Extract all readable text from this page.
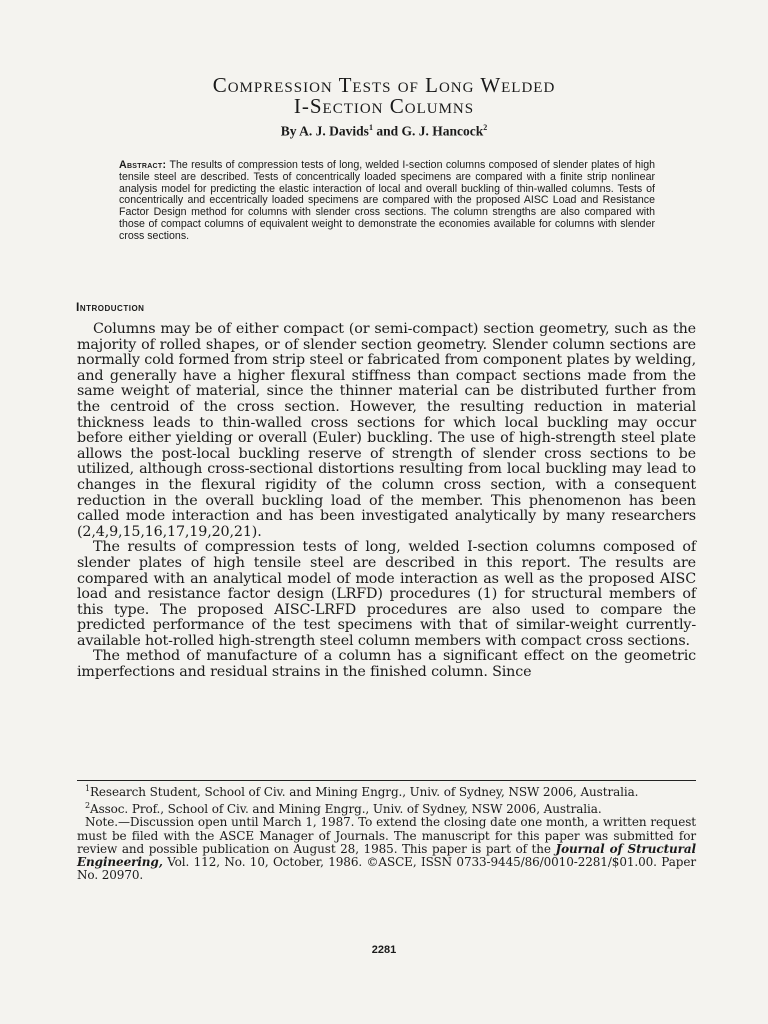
Compression Tests of Long Welded
I-Section Columns
By A. J. Davids$^1$ and G. J. Hancock$^2$
Abstract: The results of compression tests of long, welded I-section columns composed of slender plates of high tensile steel are described. Tests of concentrically loaded specimens are compared with a finite strip nonlinear analysis model for predicting the elastic interaction of local and overall buckling of thin-walled columns. Tests of concentrically and eccentrically loaded specimens are compared with the proposed AISC Load and Resistance Factor Design method for columns with slender cross sections. The column strengths are also compared with those of compact columns of equivalent weight to demonstrate the economies available for columns with slender cross sections.
Introduction

Columns may be of either compact (or semi-compact) section geometry, such as the majority of rolled shapes, or of slender section geometry. Slender column sections are normally cold formed from strip steel or fabricated from component plates by welding, and generally have a higher flexural stiffness than compact sections made from the same weight of material, since the thinner material can be distributed further from the centroid of the cross section. However, the resulting reduction in material thickness leads to thin-walled cross sections for which local buckling may occur before either yielding or overall (Euler) buckling. The use of high-strength steel plate allows the post-local buckling reserve of strength of slender cross sections to be utilized, although cross-sectional distortions resulting from local buckling may lead to changes in the flexural rigidity of the column cross section, with a consequent reduction in the overall buckling load of the member. This phenomenon has been called mode interaction and has been investigated analytically by many researchers (2,4,9,15,16,17,19,20,21).

The results of compression tests of long, welded I-section columns composed of slender plates of high tensile steel are described in this report. The results are compared with an analytical model of mode interaction as well as the proposed AISC load and resistance factor design (LRFD) procedures (1) for structural members of this type. The proposed AISC-LRFD procedures are also used to compare the predicted performance of the test specimens with that of similar-weight currently-available hot-rolled high-strength steel column members with compact cross sections.

The method of manufacture of a column has a significant effect on the geometric imperfections and residual strains in the finished column. Since

$^1$Research Student, School of Civ. and Mining Engrg., Univ. of Sydney, NSW 2006, Australia.

$^2$Assoc. Prof., School of Civ. and Mining Engrg., Univ. of Sydney, NSW 2006, Australia.

Note.—Discussion open until March 1, 1987. To extend the closing date one month, a written request must be filed with the ASCE Manager of Journals. The manuscript for this paper was submitted for review and possible publication on August 28, 1985. This paper is part of the Journal of Structural Engineering, Vol. 112, No. 10, October, 1986. ©ASCE, ISSN 0733-9445/86/0010-2281/$01.00. Paper No. 20970.

2281
